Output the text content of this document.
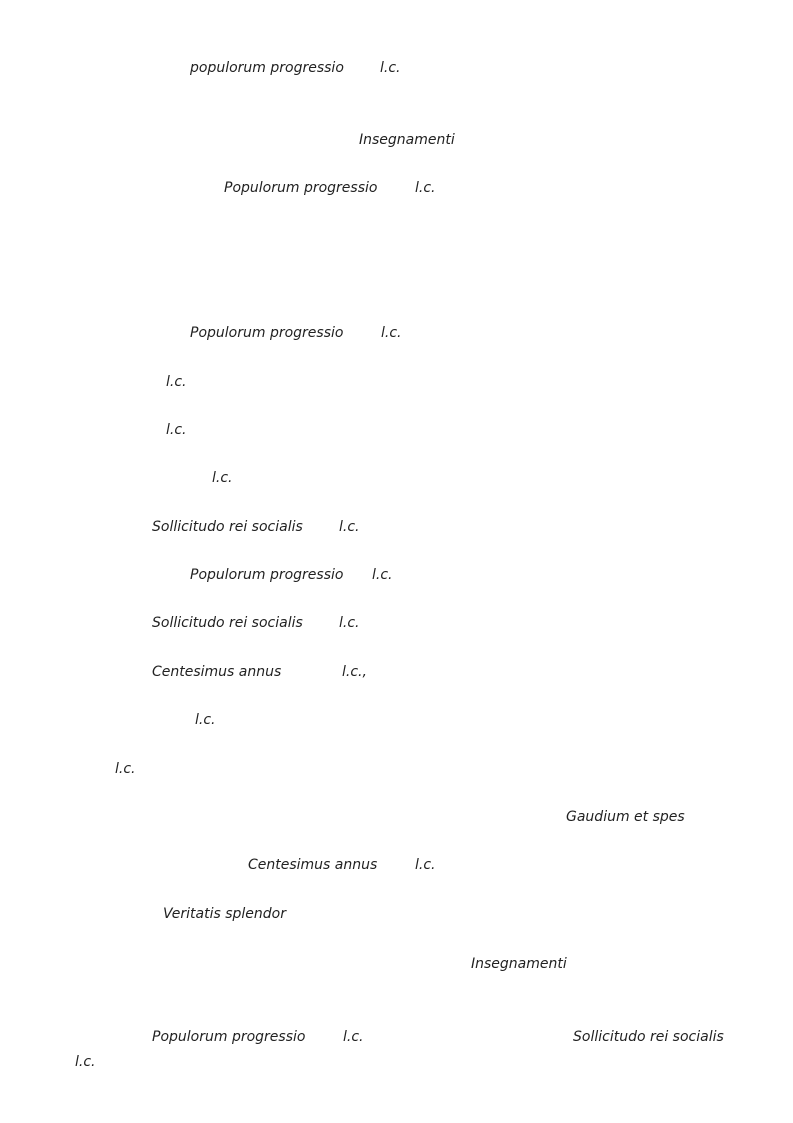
populorum progressio	l.c.
Insegnamenti
Populorum progressio	l.c.
Populorum progressio	l.c.
l.c.
l.c.
l.c.
Sollicitudo rei socialis	l.c.
Populorum progressio l.c.
Sollicitudo rei socialis	l.c.
Centesimus annus	l.c.,
l.c.
l.c.
Gaudium et spes
Centesimus annus	l.c.
Veritatis splendor
Insegnamenti
Populorum progressio	l.c.	Sollicitudo rei socialis
l.c.
